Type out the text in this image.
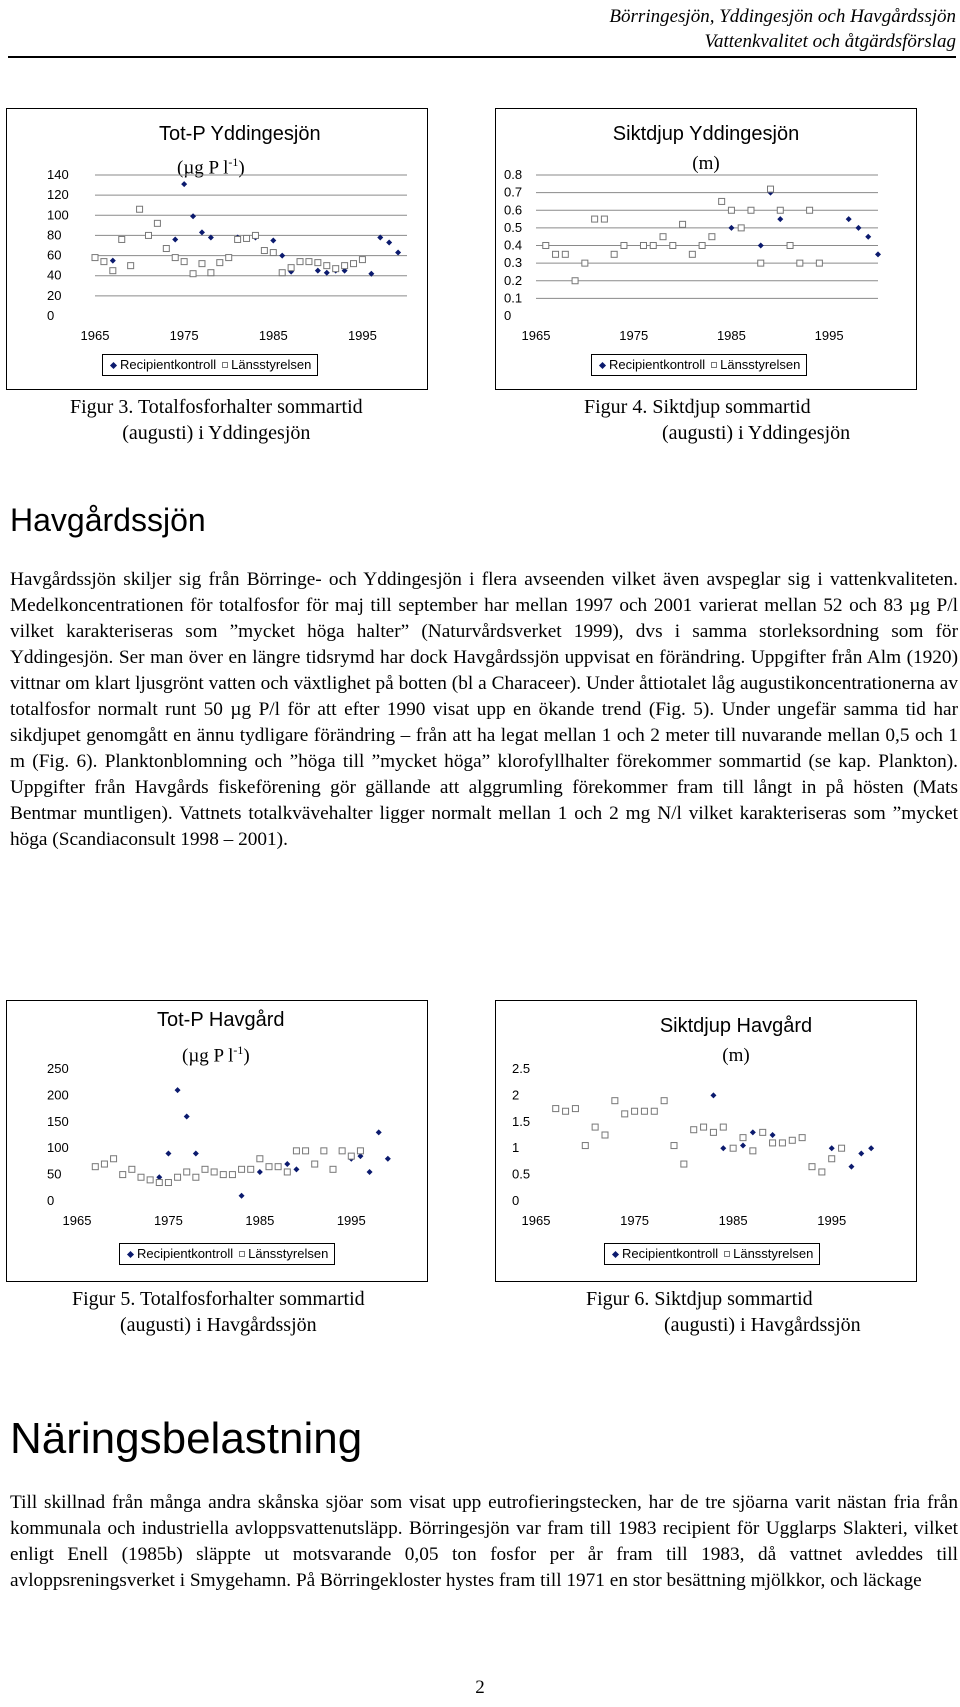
Börringesjön, Yddingesjön och Havgårdssjön
Vattenkvalitet och åtgärdsförslag
Tot-P Yddingesjön
(µg P $l^{-1}$)
0
20
40
60
80
100
120
140
1965	1975	1985	1995
Recipientkontroll Länsstyrelsen
Figur 3. Totalfosforhalter sommartid
(augusti) i Yddingesjön
Siktdjup Yddingesjön
(m)
0
0.1
0.2
0.3
0.4
0.5
0.6
0.7
0.8
1965	1975	1985	1995
Recipientkontroll Länsstyrelsen
Figur 4. Siktdjup sommartid
(augusti) i Yddingesjön
Havgårdssjön

Havgårdssjön skiljer sig från Börringe- och Yddingesjön i flera avseenden vilket även avspeglar sig i vattenkvaliteten. Medelkoncentrationen för totalfosfor för maj till september har mellan 1997 och 2001 varierat mellan 52 och 83 µg P/l vilket karakteriseras som ”mycket höga halter” (Naturvårdsverket 1999), dvs i samma storleksordning som för Yddingesjön. Ser man över en längre tidsrymd har dock Havgårdssjön uppvisat en förändring. Uppgifter från Alm (1920) vittnar om klart ljusgrönt vatten och växtlighet på botten (bl a Characeer). Under åttiotalet låg augustikoncentrationerna av totalfosfor normalt runt 50 µg P/l för att efter 1990 visat upp en ökande trend (Fig. 5). Under ungefär samma tid har sikdjupet genomgått en ännu tydligare förändring – från att ha legat mellan 1 och 2 meter till nuvarande mellan 0,5 och 1 m (Fig. 6). Planktonblomning och ”höga till ”mycket höga” klorofyllhalter förekommer sommartid (se kap. Plankton). Uppgifter från Havgårds fiskeförening gör gällande att alggrumling förekommer fram till långt in på hösten (Mats Bentmar muntligen). Vattnets totalkvävehalter ligger normalt mellan 1 och 2 mg N/l vilket karakteriseras som ”mycket höga (Scandiaconsult 1998 – 2001).

Tot-P Havgård
(µg P $l^{-1}$)
0
50
100
150
200
250
1965	1975	1985	1995
Recipientkontroll Länsstyrelsen
Figur 5. Totalfosforhalter sommartid
(augusti) i Havgårdssjön
Siktdjup Havgård
(m)
0
0.5
1
1.5
2
2.5
1965	1975	1985	1995
Recipientkontroll Länsstyrelsen
Figur 6. Siktdjup sommartid
(augusti) i Havgårdssjön
Näringsbelastning

Till skillnad från många andra skånska sjöar som visat upp eutrofieringstecken, har de tre sjöarna varit nästan fria från kommunala och industriella avloppsvattenutsläpp. Börringesjön var fram till 1983 recipient för Ugglarps Slakteri, vilket enligt Enell (1985b) släppte ut motsvarande 0,05 ton fosfor per år fram till 1983, då vattnet avleddes till avloppsreningsverket i Smygehamn. På Börringekloster hystes fram till 1971 en stor besättning mjölkkor, och läckage

2
